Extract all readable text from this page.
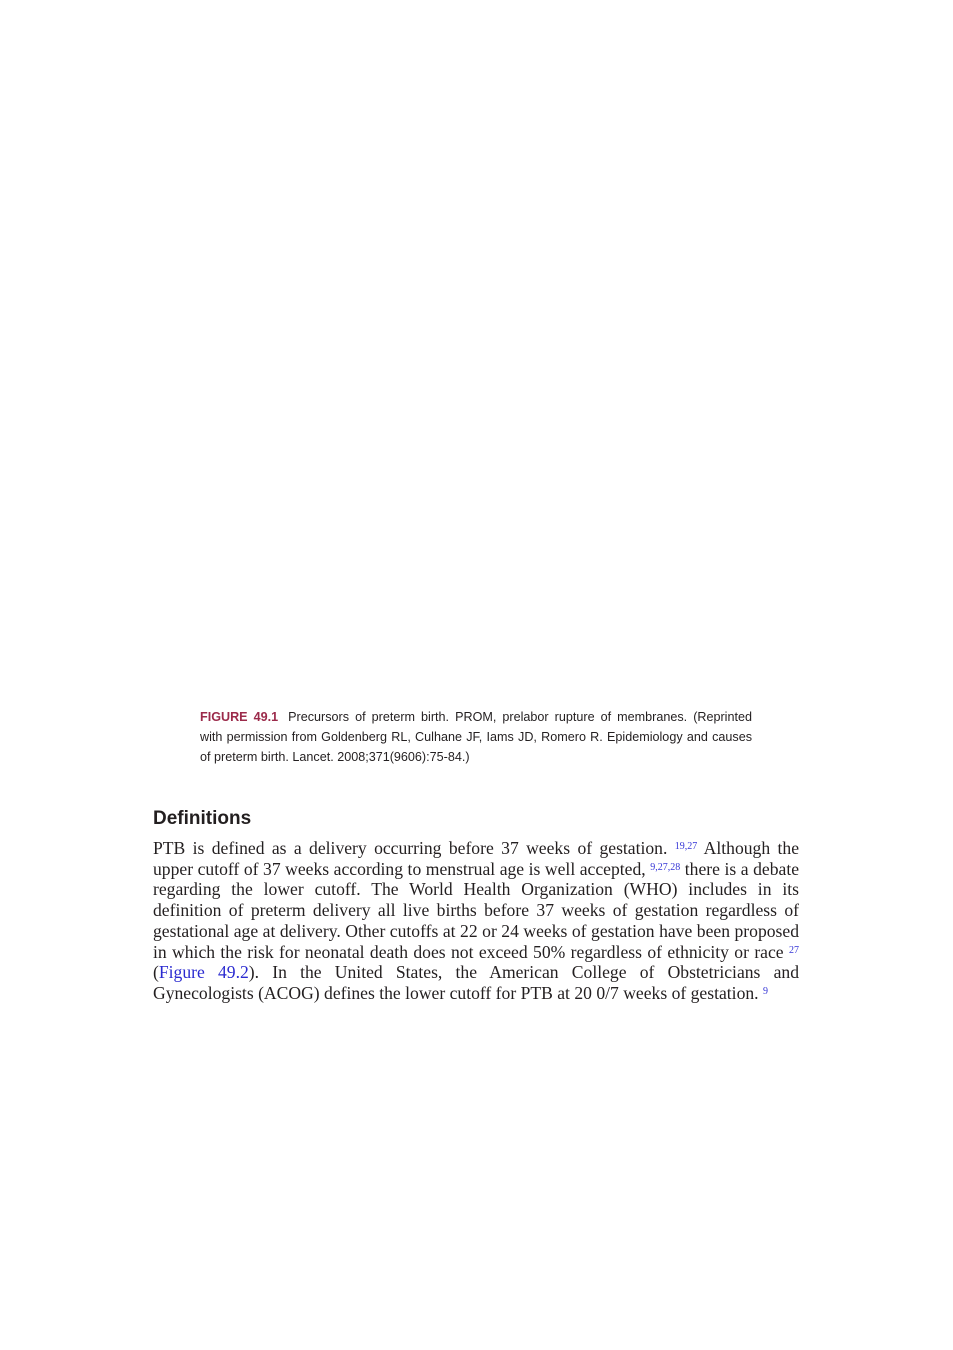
FIGURE 49.1 Precursors of preterm birth. PROM, prelabor rupture of membranes. (Reprinted with permission from Goldenberg RL, Culhane JF, Iams JD, Romero R. Epidemiology and causes of preterm birth. Lancet. 2008;371(9606):75-84.)
Definitions

PTB is defined as a delivery occurring before 37 weeks of gestation. $^{19,27}$ Although the upper cutoff of 37 weeks according to menstrual age is well accepted, $^{9,27,28}$ there is a debate regarding the lower cutoff. The World Health Organization (WHO) includes in its definition of preterm delivery all live births before 37 weeks of gestation regardless of gestational age at delivery. Other cutoffs at 22 or 24 weeks of gestation have been proposed in which the risk for neonatal death does not exceed 50% regardless of ethnicity or race $^{27}$ (Figure 49.2). In the United States, the American College of Obstetricians and Gynecologists (ACOG) defines the lower cutoff for PTB at 20 0/7 weeks of gestation. $^9$
